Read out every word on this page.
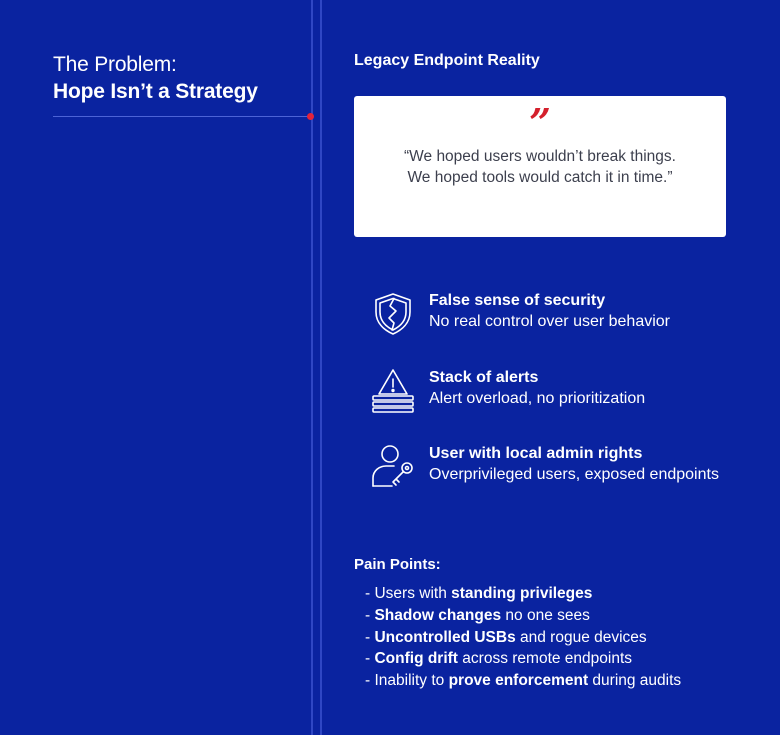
The Problem:
Hope Isn’t a Strategy
Legacy Endpoint Reality
”
“We hoped users wouldn’t break things. We hoped tools would catch it in time.”
False sense of security
No real control over user behavior
Stack of alerts
Alert overload, no prioritization
User with local admin rights
Overprivileged users, exposed endpoints
Pain Points:
- Users with standing privileges
- Shadow changes no one sees
- Uncontrolled USBs and rogue devices
- Config drift across remote endpoints
- Inability to prove enforcement during audits
